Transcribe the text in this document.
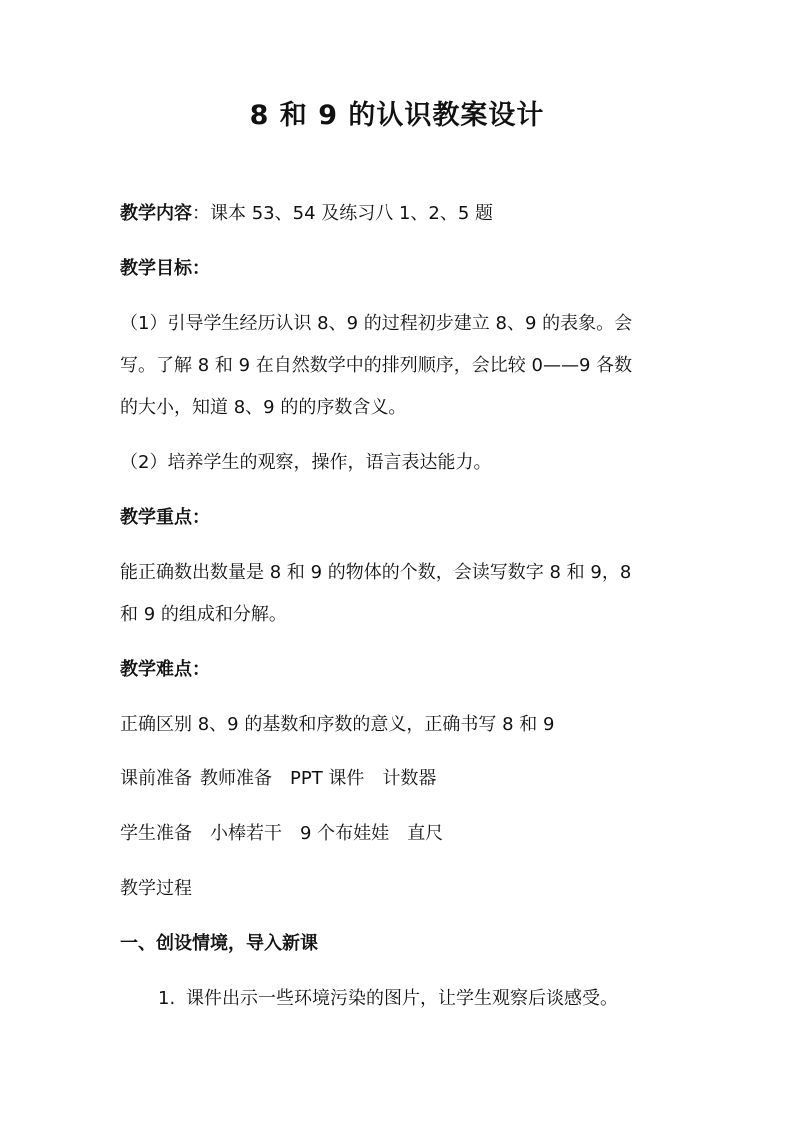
8 和 9 的认识教案设计
教学内容：课本 53、54 及练习八 1、2、5 题
教学目标：
（1）引导学生经历认识 8、9 的过程初步建立 8、9 的表象。会
写。了解 8 和 9 在自然数学中的排列顺序，会比较 0——9 各数
的大小，知道 8、9 的的序数含义。
（2）培养学生的观察，操作，语言表达能力。
教学重点：
能正确数出数量是 8 和 9 的物体的个数，会读写数字 8 和 9，8
和 9 的组成和分解。
教学难点：
正确区别 8、9 的基数和序数的意义，正确书写 8 和 9
课前准备 教师准备 PPT 课件 计数器
学生准备 小棒若干 9 个布娃娃 直尺
教学过程
一、创设情境，导入新课
1. 课件出示一些环境污染的图片，让学生观察后谈感受。
